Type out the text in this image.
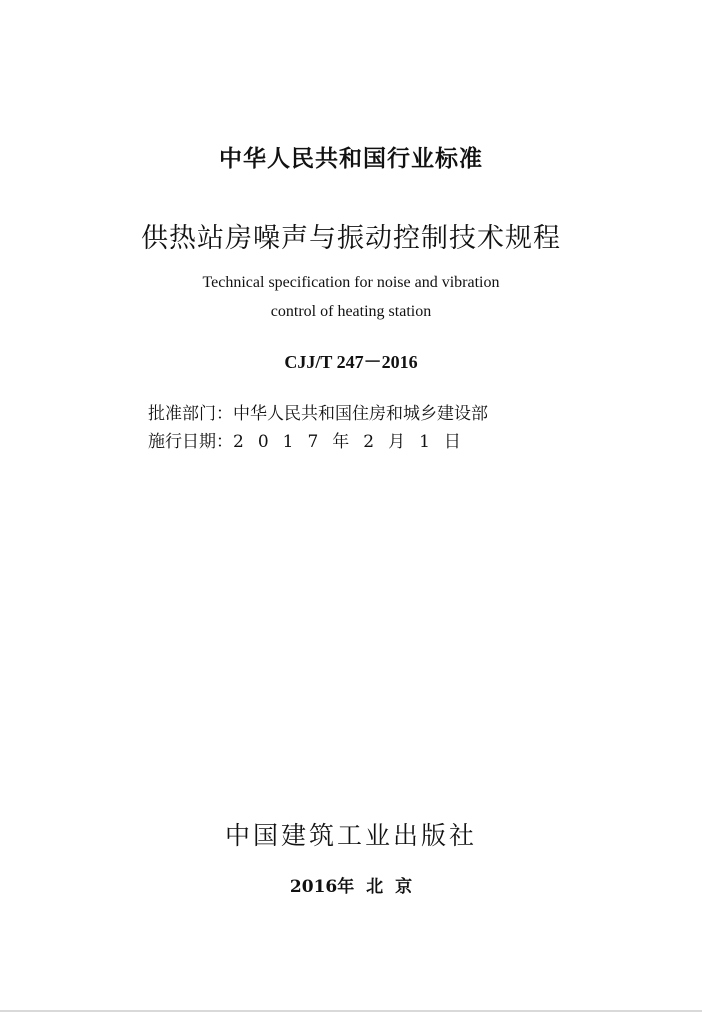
中华人民共和国行业标准
供热站房噪声与振动控制技术规程
Technical specification for noise and vibration
control of heating station
CJJ/T 247－2016
批准部门：中华人民共和国住房和城乡建设部
施行日期：2017年2月1日
中国建筑工业出版社
2016年 北 京
